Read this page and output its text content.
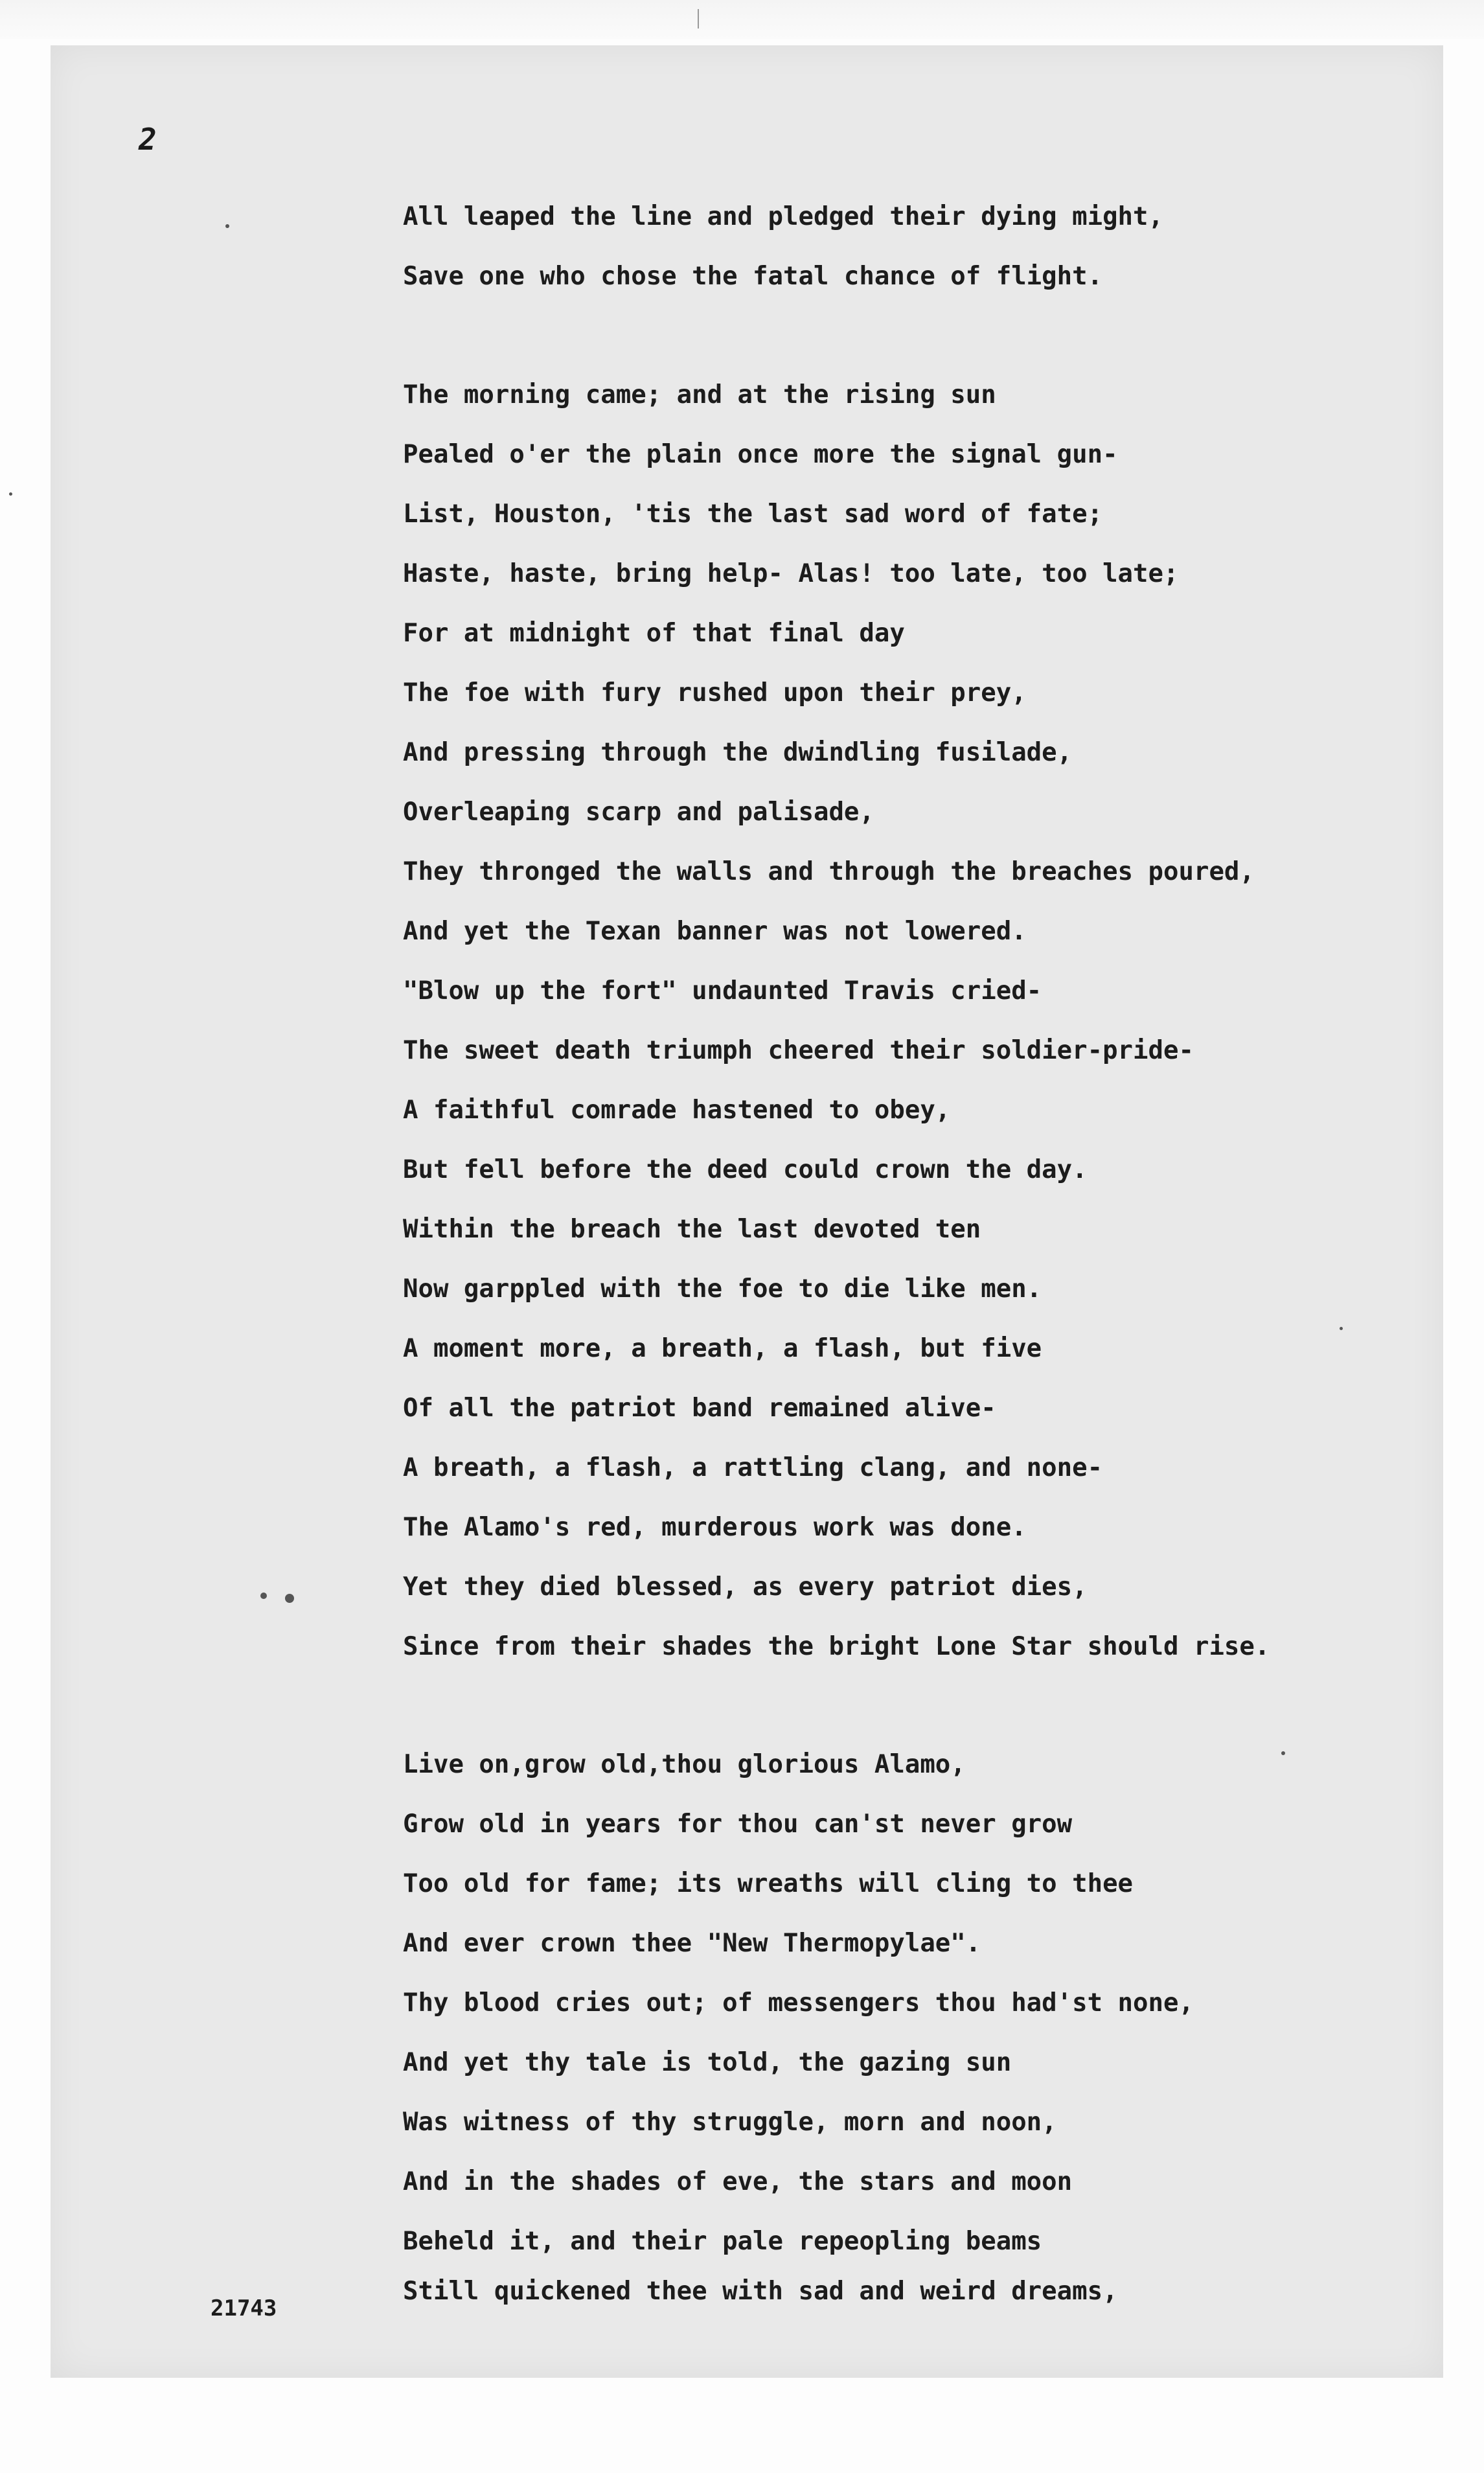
2
All leaped the line and pledged their dying might,
Save one who chose the fatal chance of flight.
The morning came; and at the rising sun
Pealed o'er the plain once more the signal gun-
List, Houston, 'tis the last sad word of fate;
Haste, haste, bring help- Alas! too late, too late;
For at midnight of that final day
The foe with fury rushed upon their prey,
And pressing through the dwindling fusilade,
Overleaping scarp and palisade,
They thronged the walls and through the breaches poured,
And yet the Texan banner was not lowered.
"Blow up the fort" undaunted Travis cried-
The sweet death triumph cheered their soldier-pride-
A faithful comrade hastened to obey,
But fell before the deed could crown the day.
Within the breach the last devoted ten
Now garppled with the foe to die like men.
A moment more, a breath, a flash, but five
Of all the patriot band remained alive-
A breath, a flash, a rattling clang, and none-
The Alamo's red, murderous work was done.
Yet they died blessed, as every patriot dies,
Since from their shades the bright Lone Star should rise.
Live on,grow old,thou glorious Alamo,
Grow old in years for thou can'st never grow
Too old for fame; its wreaths will cling to thee
And ever crown thee "New Thermopylae".
Thy blood cries out; of messengers thou had'st none,
And yet thy tale is told, the gazing sun
Was witness of thy struggle, morn and noon,
And in the shades of eve, the stars and moon
Beheld it, and their pale repeopling beams
Still quickened thee with sad and weird dreams,
21743
